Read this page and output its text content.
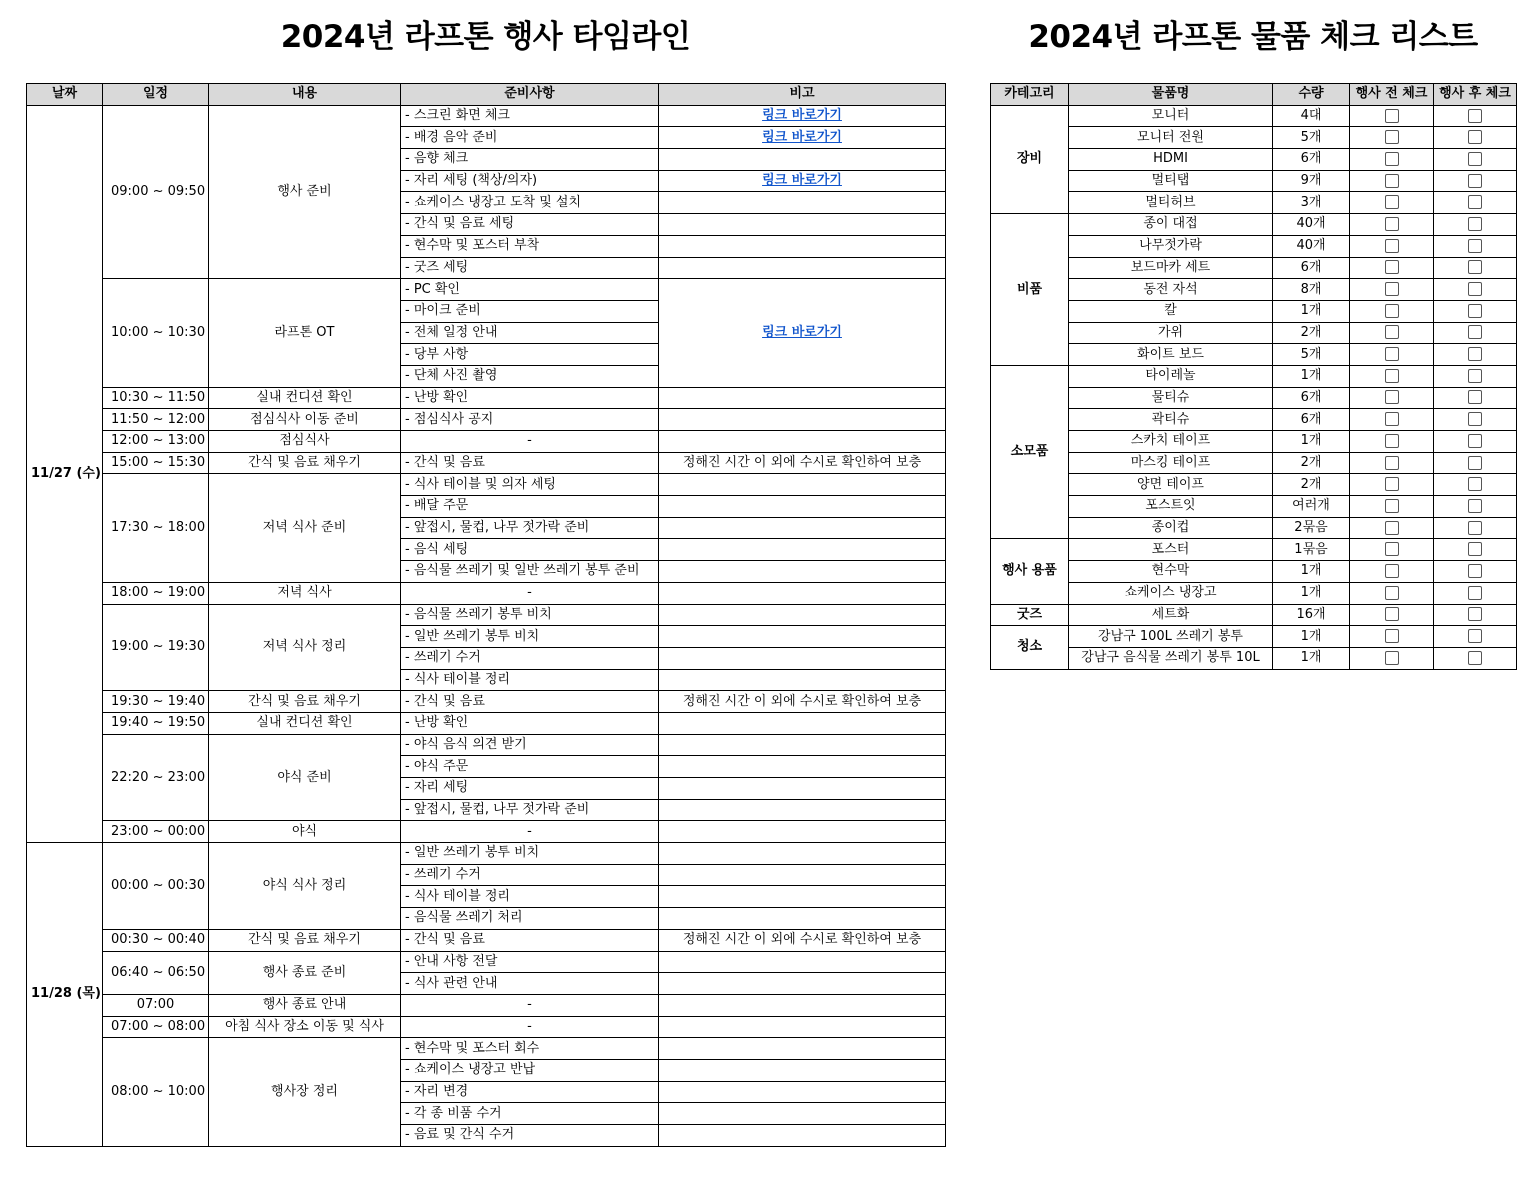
2024년 라프톤 행사 타임라인	2024년 라프톤 물품 체크 리스트
날짜	일정	내용	준비사항	비고
11/27 (수)	09:00 ~ 09:50	행사 준비	- 스크린 화면 체크	링크 바로가기
			- 배경 음악 준비	링크 바로가기
			- 음향 체크	
			- 자리 세팅 (책상/의자)	링크 바로가기
			- 쇼케이스 냉장고 도착 및 설치	
			- 간식 및 음료 세팅	
			- 현수막 및 포스터 부착	
			- 굿즈 세팅	
	10:00 ~ 10:30	라프톤 OT	- PC 확인	링크 바로가기
			- 마이크 준비	
			- 전체 일정 안내	
			- 당부 사항	
			- 단체 사진 촬영	
	10:30 ~ 11:50	실내 컨디션 확인	- 난방 확인	
	11:50 ~ 12:00	점심식사 이동 준비	- 점심식사 공지	
	12:00 ~ 13:00	점심식사	-	
	15:00 ~ 15:30	간식 및 음료 채우기	- 간식 및 음료	정해진 시간 이 외에 수시로 확인하여 보충
	17:30 ~ 18:00	저녁 식사 준비	- 식사 테이블 및 의자 세팅	
			- 배달 주문	
			- 앞접시, 물컵, 나무 젓가락 준비	
			- 음식 세팅	
			- 음식물 쓰레기 및 일반 쓰레기 봉투 준비	
	18:00 ~ 19:00	저녁 식사	-	
	19:00 ~ 19:30	저녁 식사 정리	- 음식물 쓰레기 봉투 비치	
			- 일반 쓰레기 봉투 비치	
			- 쓰레기 수거	
			- 식사 테이블 정리	
	19:30 ~ 19:40	간식 및 음료 채우기	- 간식 및 음료	정해진 시간 이 외에 수시로 확인하여 보충
	19:40 ~ 19:50	실내 컨디션 확인	- 난방 확인	
	22:20 ~ 23:00	야식 준비	- 야식 음식 의견 받기	
			- 야식 주문	
			- 자리 세팅	
			- 앞접시, 물컵, 나무 젓가락 준비	
	23:00 ~ 00:00	야식	-	
11/28 (목)	00:00 ~ 00:30	야식 식사 정리	- 일반 쓰레기 봉투 비치	
			- 쓰레기 수거	
			- 식사 테이블 정리	
			- 음식물 쓰레기 처리	
	00:30 ~ 00:40	간식 및 음료 채우기	- 간식 및 음료	정해진 시간 이 외에 수시로 확인하여 보충
	06:40 ~ 06:50	행사 종료 준비	- 안내 사항 전달	
			- 식사 관련 안내	
	07:00	행사 종료 안내	-	
	07:00 ~ 08:00	아침 식사 장소 이동 및 식사	-	
	08:00 ~ 10:00	행사장 정리	- 현수막 및 포스터 회수	
			- 쇼케이스 냉장고 반납	
			- 자리 변경	
			- 각 종 비품 수거	
			- 음료 및 간식 수거	
카테고리	물품명	수량	행사 전 체크	행사 후 체크
장비	모니터	4대		
	모니터 전원	5개		
	HDMI	6개		
	멀티탭	9개		
	멀티허브	3개		
비품	종이 대접	40개		
	나무젓가락	40개		
	보드마카 세트	6개		
	동전 자석	8개		
	칼	1개		
	가위	2개		
	화이트 보드	5개		
소모품	타이레놀	1개		
	물티슈	6개		
	곽티슈	6개		
	스카치 테이프	1개		
	마스킹 테이프	2개		
	양면 테이프	2개		
	포스트잇	여러개		
	종이컵	2묶음		
행사 용품	포스터	1묶음		
	현수막	1개		
	쇼케이스 냉장고	1개		
굿즈	세트화	16개		
청소	강남구 100L 쓰레기 봉투	1개		
	강남구 음식물 쓰레기 봉투 10L	1개		
